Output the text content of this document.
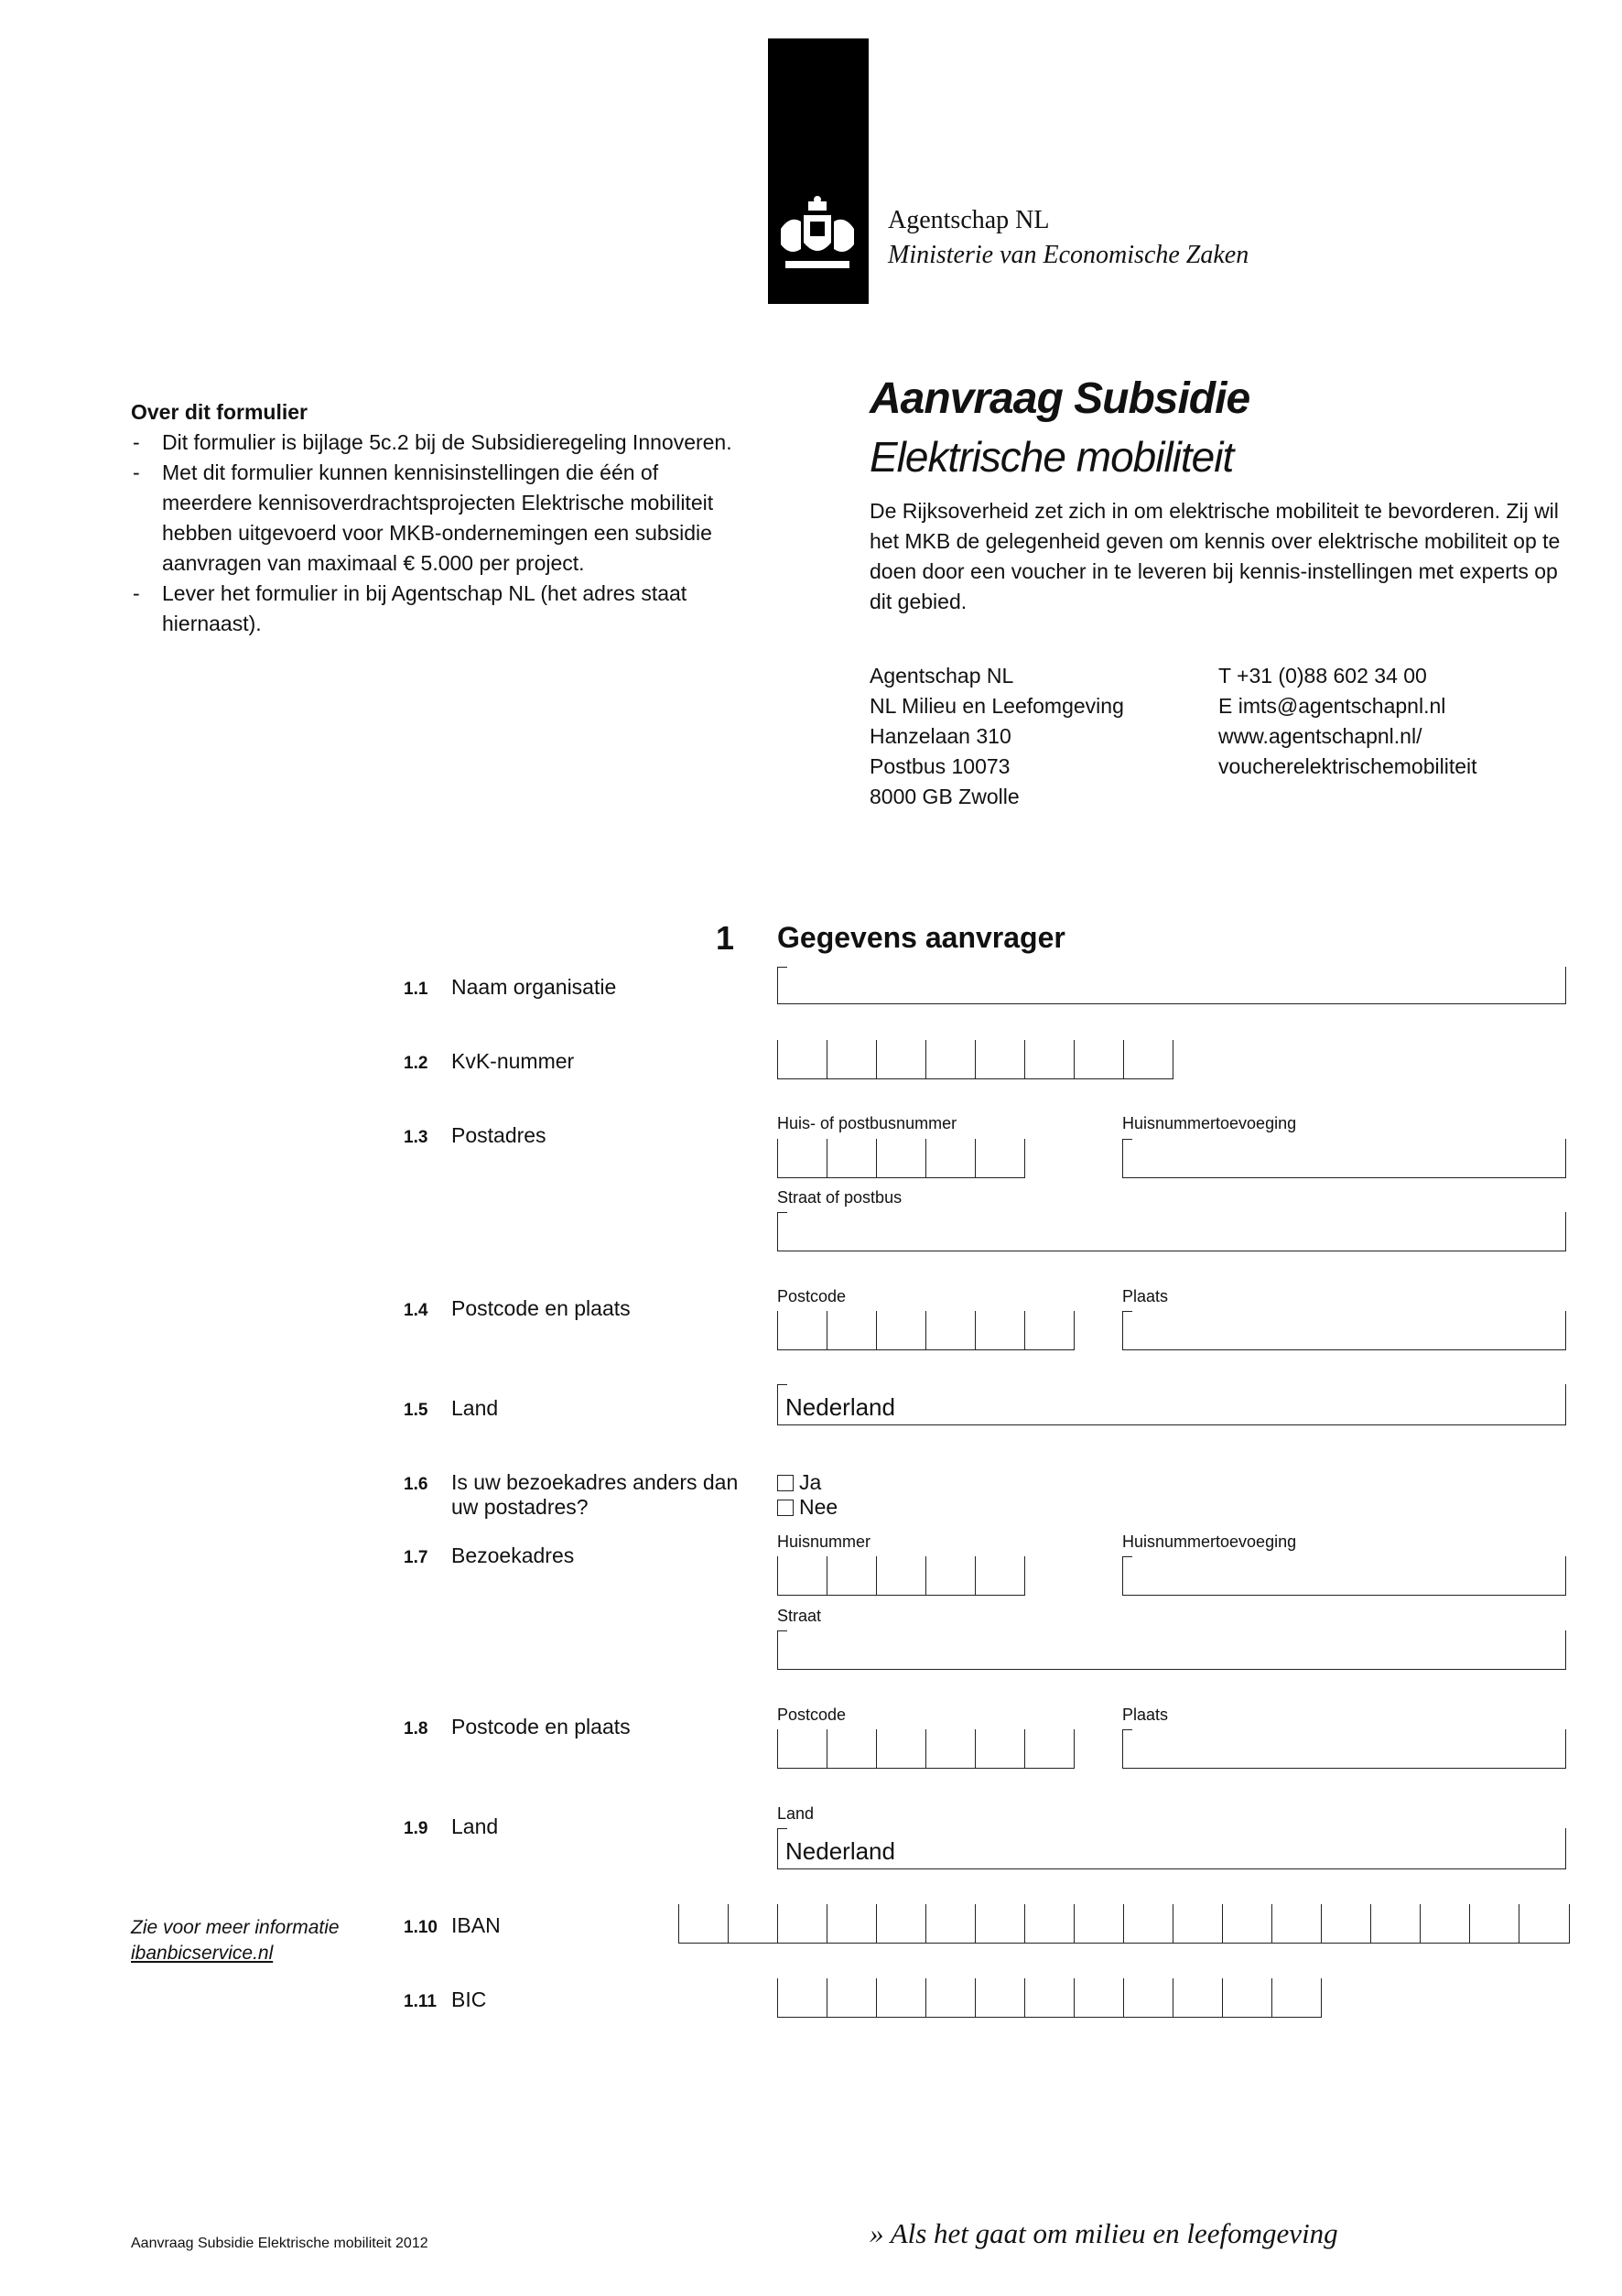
Agentschap NL
Ministerie van Economische Zaken
Over dit formulier
- Dit formulier is bijlage 5c.2 bij de Subsidieregeling Innoveren.
- Met dit formulier kunnen kennisinstellingen die één of meerdere kennisoverdrachtsprojecten Elektrische mobiliteit hebben uitgevoerd voor MKB-ondernemingen een subsidie aanvragen van maximaal € 5.000 per project.
- Lever het formulier in bij Agentschap NL (het adres staat hiernaast).
Aanvraag Subsidie
Elektrische mobiliteit
De Rijksoverheid zet zich in om elektrische mobiliteit te bevorderen. Zij wil het MKB de gelegenheid geven om kennis over elektrische mobiliteit op te doen door een voucher in te leveren bij kennis-instellingen met experts op dit gebied.
Agentschap NL
NL Milieu en Leefomgeving
Hanzelaan 310
Postbus 10073
8000 GB Zwolle
T +31 (0)88 602 34 00
E imts@agentschapnl.nl
www.agentschapnl.nl/
voucherelektrischemobiliteit
1 Gegevens aanvrager
1.1 Naam organisatie
1.2 KvK-nummer
1.3 Postadres	Huis- of postbusnummer	Huisnummertoevoeging
Straat of postbus
1.4 Postcode en plaats	Postcode	Plaats
1.5 Land	Nederland
1.6 Is uw bezoekadres anders dan
uw postadres?
Ja
Nee
1.7 Bezoekadres
Huisnummer	Huisnummertoevoeging
Straat
1.8 Postcode en plaats	Postcode	Plaats
1.9 Land
Land
Nederland
Zie voor meer informatie
ibanbicservice.nl
1.10 IBAN
1.11 BIC
Aanvraag Subsidie Elektrische mobiliteit 2012	» Als het gaat om milieu en leefomgeving
